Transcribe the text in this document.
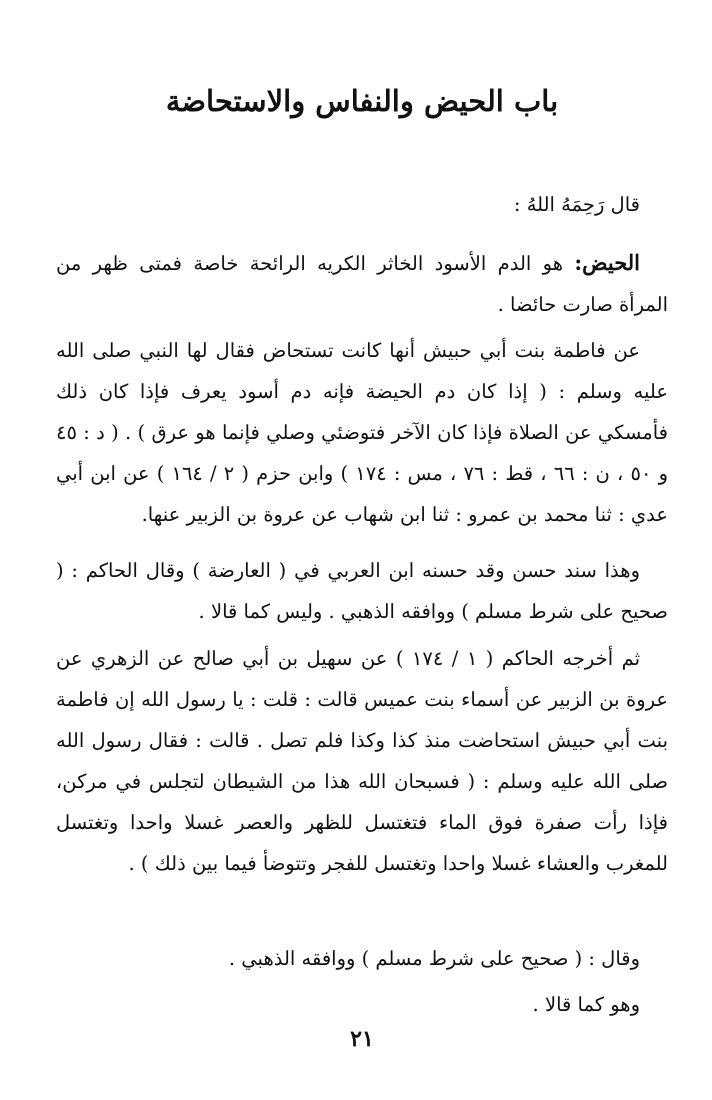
باب الحيض والنفاس والاستحاضة

قال رَحِمَهُ اللهُ :

الحيض: هو الدم الأسود الخاثر الكريه الرائحة خاصة فمتى ظهر من المرأة صارت حائضا .

عن فاطمة بنت أبي حبيش أنها كانت تستحاض فقال لها النبي صلى الله عليه وسلم : ( إذا كان دم الحيضة فإنه دم أسود يعرف فإذا كان ذلك فأمسكي عن الصلاة فإذا كان الآخر فتوضئي وصلي فإنما هو عرق ) . ( د : ٤٥ و ٥٠ ، ن : ٦٦ ، قط : ٧٦ ، مس : ١٧٤ ) وابن حزم ( ٢ / ١٦٤ ) عن ابن أبي عدي : ثنا محمد بن عمرو : ثنا ابن شهاب عن عروة بن الزبير عنها.

وهذا سند حسن وقد حسنه ابن العربي في ( العارضة ) وقال الحاكم : ( صحيح على شرط مسلم ) ووافقه الذهبي . وليس كما قالا .

ثم أخرجه الحاكم ( ١ / ١٧٤ ) عن سهيل بن أبي صالح عن الزهري عن عروة بن الزبير عن أسماء بنت عميس قالت : قلت : يا رسول الله إن فاطمة بنت أبي حبيش استحاضت منذ كذا وكذا فلم تصل . قالت : فقال رسول الله صلى الله عليه وسلم : ( فسبحان الله هذا من الشيطان لتجلس في مركن، فإذا رأت صفرة فوق الماء فتغتسل للظهر والعصر غسلا واحدا وتغتسل للمغرب والعشاء غسلا واحدا وتغتسل للفجر وتتوضأ فيما بين ذلك ) .

وقال : ( صحيح على شرط مسلم ) ووافقه الذهبي .

وهو كما قالا .

٢١
